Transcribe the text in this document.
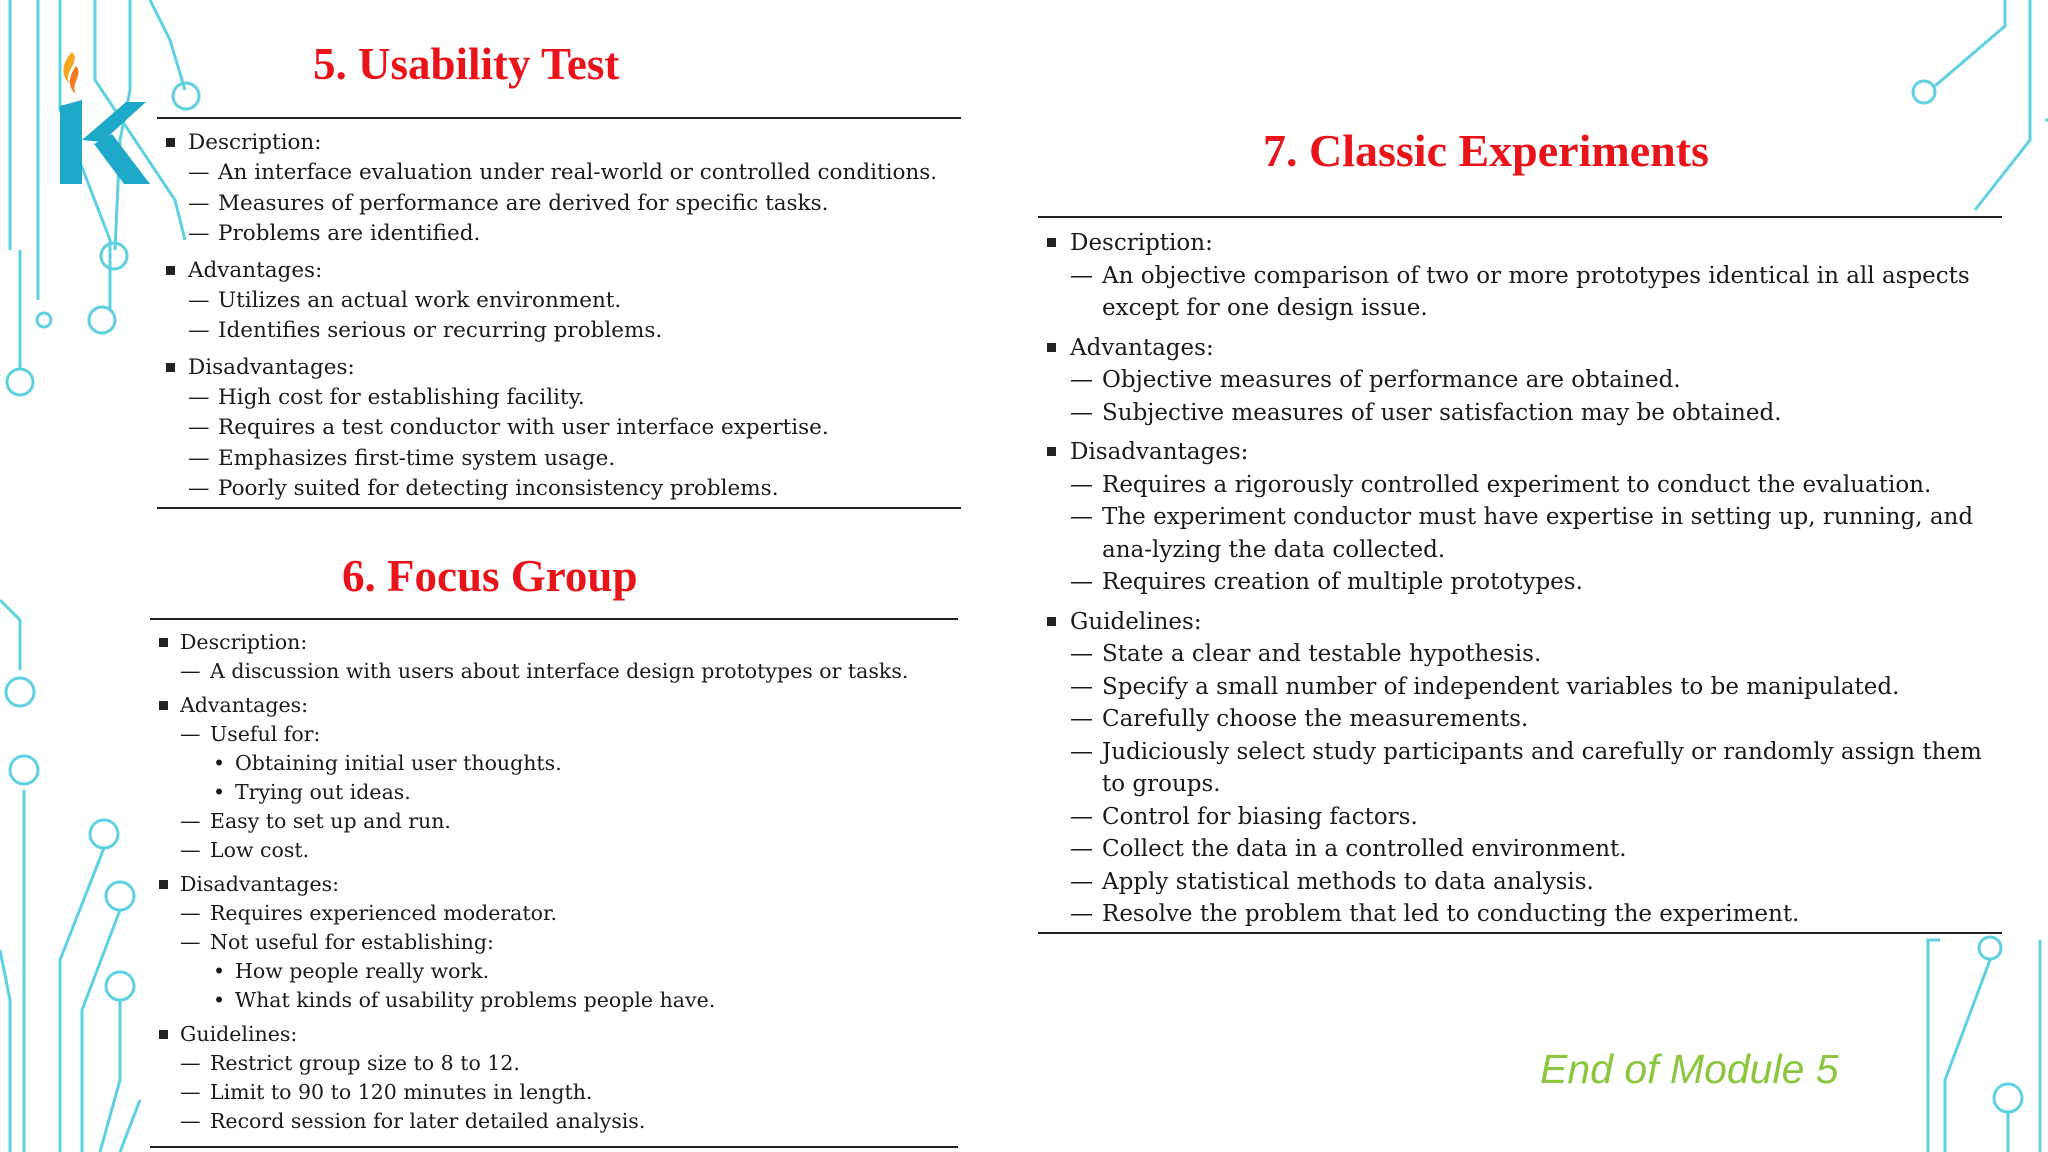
5. Usability Test
Description:
— An interface evaluation under real-world or controlled conditions.
— Measures of performance are derived for specific tasks.
— Problems are identified.
Advantages:
— Utilizes an actual work environment.
— Identifies serious or recurring problems.
Disadvantages:
— High cost for establishing facility.
— Requires a test conductor with user interface expertise.
— Emphasizes first-time system usage.
— Poorly suited for detecting inconsistency problems.
6. Focus Group
Description:
— A discussion with users about interface design prototypes or tasks.
Advantages:
— Useful for:
• Obtaining initial user thoughts.
• Trying out ideas.
— Easy to set up and run.
— Low cost.
Disadvantages:
— Requires experienced moderator.
— Not useful for establishing:
• How people really work.
• What kinds of usability problems people have.
Guidelines:
— Restrict group size to 8 to 12.
— Limit to 90 to 120 minutes in length.
— Record session for later detailed analysis.
7. Classic Experiments
Description:
— An objective comparison of two or more prototypes identical in all aspects except for one design issue.
Advantages:
— Objective measures of performance are obtained.
— Subjective measures of user satisfaction may be obtained.
Disadvantages:
— Requires a rigorously controlled experiment to conduct the evaluation.
— The experiment conductor must have expertise in setting up, running, and ana-lyzing the data collected.
— Requires creation of multiple prototypes.
Guidelines:
— State a clear and testable hypothesis.
— Specify a small number of independent variables to be manipulated.
— Carefully choose the measurements.
— Judiciously select study participants and carefully or randomly assign them to groups.
— Control for biasing factors.
— Collect the data in a controlled environment.
— Apply statistical methods to data analysis.
— Resolve the problem that led to conducting the experiment.

End of Module 5
